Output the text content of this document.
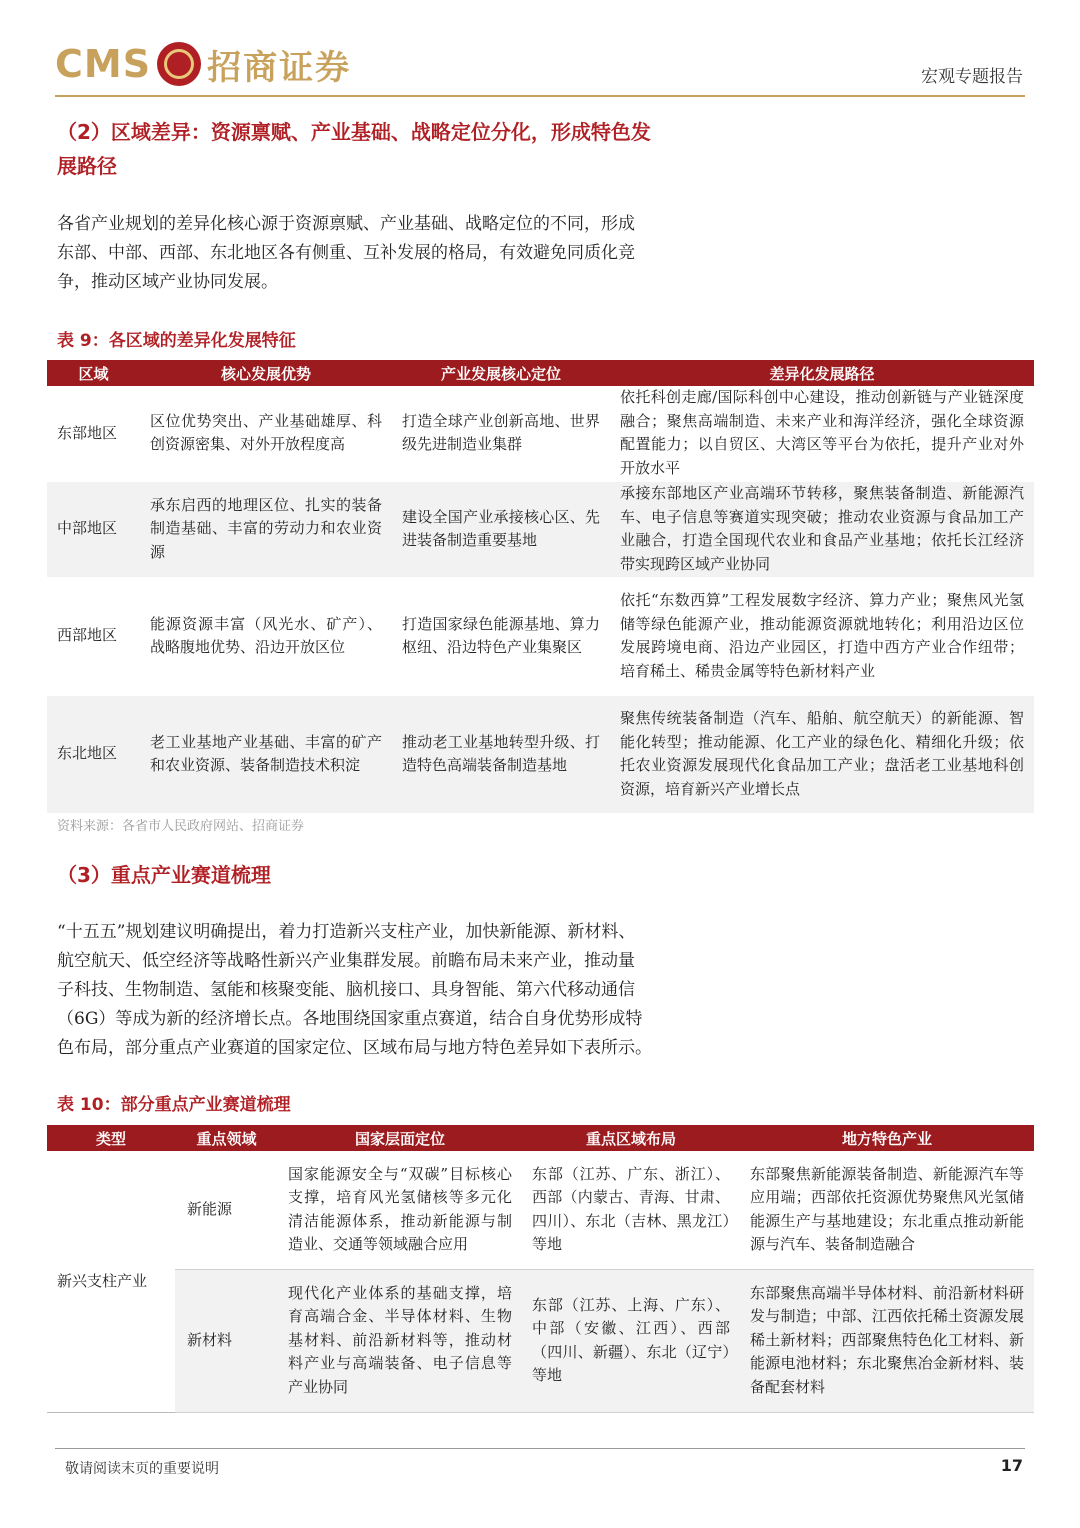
CMS 招商证券	宏观专题报告
（2）区域差异：资源禀赋、产业基础、战略定位分化，形成特色发
展路径
各省产业规划的差异化核心源于资源禀赋、产业基础、战略定位的不同，形成
东部、中部、西部、东北地区各有侧重、互补发展的格局，有效避免同质化竞
争，推动区域产业协同发展。
表 9：各区域的差异化发展特征
区域	核心发展优势	产业发展核心定位	差异化发展路径
东部地区	区位优势突出、产业基础雄厚、科创资源密集、对外开放程度高	打造全球产业创新高地、世界级先进制造业集群	依托科创走廊/国际科创中心建设，推动创新链与产业链深度融合；聚焦高端制造、未来产业和海洋经济，强化全球资源配置能力；以自贸区、大湾区等平台为依托，提升产业对外开放水平
中部地区	承东启西的地理区位、扎实的装备制造基础、丰富的劳动力和农业资源	建设全国产业承接核心区、先进装备制造重要基地	承接东部地区产业高端环节转移，聚焦装备制造、新能源汽车、电子信息等赛道实现突破；推动农业资源与食品加工产业融合，打造全国现代农业和食品产业基地；依托长江经济带实现跨区域产业协同
西部地区	能源资源丰富（风光水、矿产）、战略腹地优势、沿边开放区位	打造国家绿色能源基地、算力枢纽、沿边特色产业集聚区	依托“东数西算”工程发展数字经济、算力产业；聚焦风光氢储等绿色能源产业，推动能源资源就地转化；利用沿边区位发展跨境电商、沿边产业园区，打造中西方产业合作纽带；培育稀土、稀贵金属等特色新材料产业
东北地区	老工业基地产业基础、丰富的矿产和农业资源、装备制造技术积淀	推动老工业基地转型升级、打造特色高端装备制造基地	聚焦传统装备制造（汽车、船舶、航空航天）的新能源、智能化转型；推动能源、化工产业的绿色化、精细化升级；依托农业资源发展现代化食品加工产业；盘活老工业基地科创资源，培育新兴产业增长点
资料来源：各省市人民政府网站、招商证券
（3）重点产业赛道梳理
“十五五”规划建议明确提出，着力打造新兴支柱产业，加快新能源、新材料、
航空航天、低空经济等战略性新兴产业集群发展。前瞻布局未来产业，推动量
子科技、生物制造、氢能和核聚变能、脑机接口、具身智能、第六代移动通信
（6G）等成为新的经济增长点。各地围绕国家重点赛道，结合自身优势形成特
色布局，部分重点产业赛道的国家定位、区域布局与地方特色差异如下表所示。
表 10：部分重点产业赛道梳理
类型	重点领域	国家层面定位	重点区域布局	地方特色产业
新兴支柱产业	新能源	国家能源安全与“双碳”目标核心支撑，培育风光氢储核等多元化清洁能源体系，推动新能源与制造业、交通等领域融合应用	东部（江苏、广东、浙江）、西部（内蒙古、青海、甘肃、四川）、东北（吉林、黑龙江）等地	东部聚焦新能源装备制造、新能源汽车等应用端；西部依托资源优势聚焦风光氢储能源生产与基地建设；东北重点推动新能源与汽车、装备制造融合
	新材料	现代化产业体系的基础支撑，培育高端合金、半导体材料、生物基材料、前沿新材料等，推动材料产业与高端装备、电子信息等产业协同	东部（江苏、上海、广东）、中部（安徽、江西）、西部（四川、新疆）、东北（辽宁）等地	东部聚焦高端半导体材料、前沿新材料研发与制造；中部、江西依托稀土资源发展稀土新材料；西部聚焦特色化工材料、新能源电池材料；东北聚焦冶金新材料、装备配套材料
敬请阅读末页的重要说明	17
